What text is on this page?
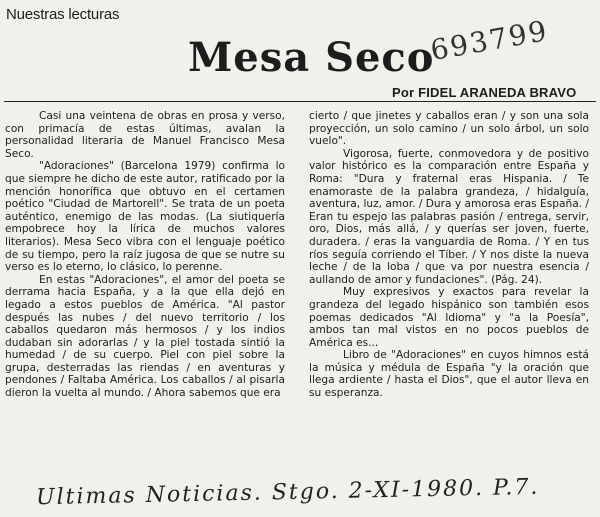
Nuestras lecturas	693799
Mesa Seco
Por FIDEL ARANEDA BRAVO

Casi una veintena de obras en prosa y verso, con primacía de estas últimas, avalan la personalidad literaria de Manuel Francisco Mesa Seco.

"Adoraciones" (Barcelona 1979) confirma lo que siempre he dicho de este autor, ratificado por la mención honorífica que obtuvo en el certamen poético "Ciudad de Martorell". Se trata de un poeta auténtico, enemigo de las modas. (La siutiquería empobrece hoy la lírica de muchos valores literarios). Mesa Seco vibra con el lenguaje poético de su tiempo, pero la raíz jugosa de que se nutre su verso es lo eterno, lo clásico, lo perenne.

En estas "Adoraciones", el amor del poeta se derrama hacia España, y a la que ella dejó en legado a estos pueblos de América. "Al pastor después las nubes / del nuevo territorio / los caballos quedaron más hermosos / y los indios dudaban sin adorarlas / y la piel tostada sintió la humedad / de su cuerpo. Piel con piel sobre la grupa, desterradas las riendas / en aventuras y pendones / Faltaba América. Los caballos / al pisarla dieron la vuelta al mundo. / Ahora sabemos que era

cierto / que jinetes y caballos eran / y son una sola proyección, un solo camino / un solo árbol, un solo vuelo".

Vigorosa, fuerte, conmovedora y de positivo valor histórico es la comparación entre España y Roma: "Dura y fraternal eras Hispania. / Te enamoraste de la palabra grandeza, / hidalguía, aventura, luz, amor. / Dura y amorosa eras España. / Eran tu espejo las palabras pasión / entrega, servir, oro, Dios, más allá, / y querías ser joven, fuerte, duradera. / eras la vanguardia de Roma. / Y en tus ríos seguía corriendo el Tíber. / Y nos diste la nueva leche / de la loba / que va por nuestra esencia / aullando de amor y fundaciones". (Pág. 24).

Muy expresivos y exactos para revelar la grandeza del legado hispánico son también esos poemas dedicados "Al Idioma" y "a la Poesía", ambos tan mal vistos en no pocos pueblos de América es...

Libro de "Adoraciones" en cuyos himnos está la música y médula de España "y la oración que llega ardiente / hasta el Dios", que el autor lleva en su esperanza.

Ultimas Noticias. Stgo. 2-XI-1980. P.7.
